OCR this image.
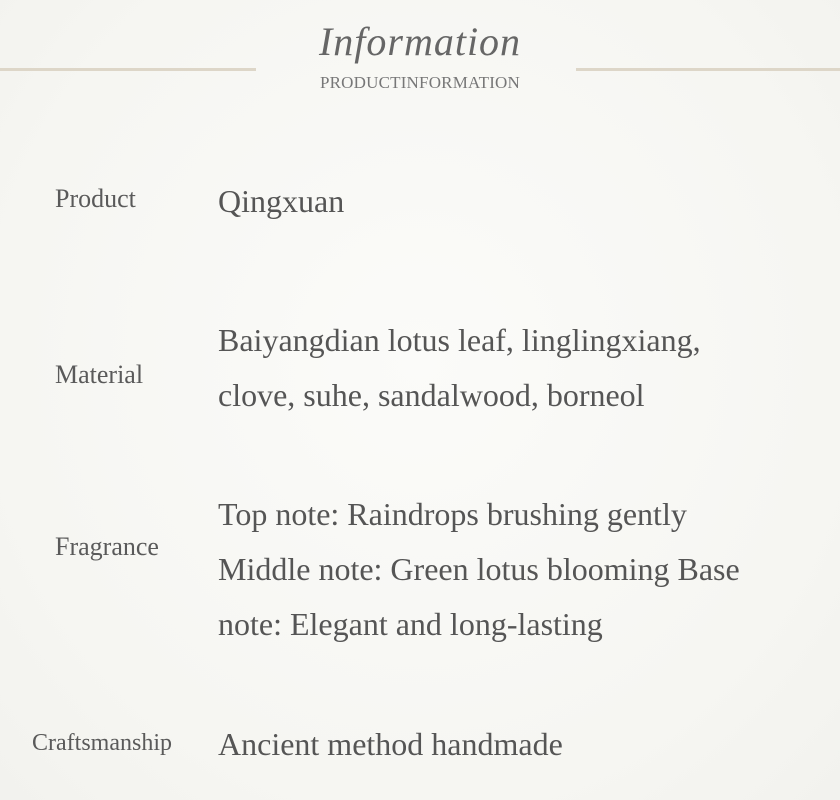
Information
PRODUCTINFORMATION
Product	Qingxuan
Material
Baiyangdian lotus leaf, linglingxiang,
clove, suhe, sandalwood, borneol
Fragrance
Top note: Raindrops brushing gently
Middle note: Green lotus blooming Base
note: Elegant and long-lasting
Craftsmanship Ancient method handmade
